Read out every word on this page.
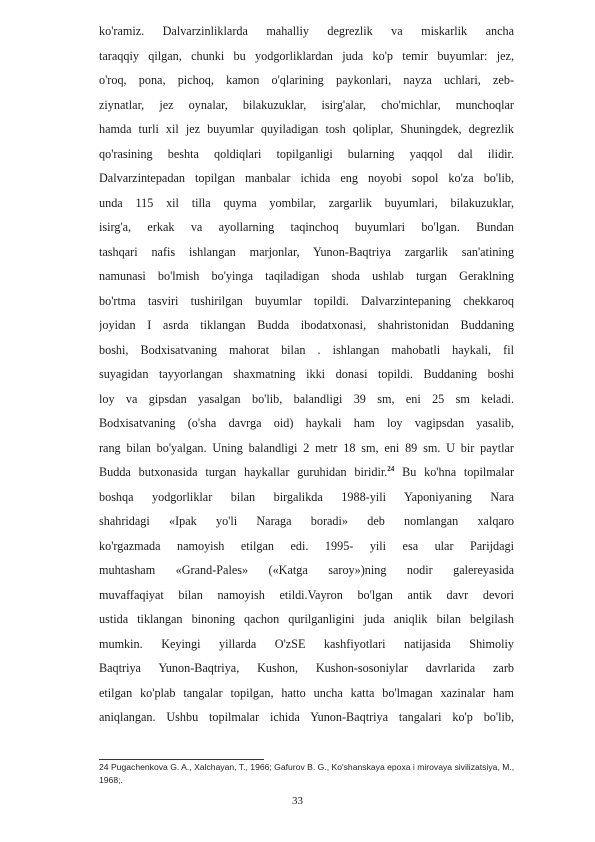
ko'ramiz. Dalvarzinliklarda mahalliy degrezlik va miskarlik ancha
taraqqiy qilgan, chunki bu yodgorliklardan juda ko'p temir buyumlar: jez,
o'roq, pona, pichoq, kamon o'qlarining paykonlari, nayza uchlari, zeb-
ziynatlar, jez oynalar, bilakuzuklar, isirg'alar, cho'michlar, munchoqlar
hamda turli xil jez buyumlar quyiladigan tosh qoliplar, Shuningdek, degrezlik
qo'rasining beshta qoldiqlari topilganligi bularning yaqqol dal ilidir.
Dalvarzintepadan topilgan manbalar ichida eng noyobi sopol ko'za bo'lib,
unda 115 xil tilla quyma yombilar, zargarlik buyumlari, bilakuzuklar,
isirg'a, erkak va ayollarning taqinchoq buyumlari bo'lgan. Bundan
tashqari nafis ishlangan marjonlar, Yunon-Baqtriya zargarlik san'atining
namunasi bo'lmish bo'yinga taqiladigan shoda ushlab turgan Geraklning
bo'rtma tasviri tushirilgan buyumlar topildi. Dalvarzintepaning chekkaroq
joyidan I asrda tiklangan Budda ibodatxonasi, shahristonidan Buddaning
boshi, Bodxisatvaning mahorat bilan . ishlangan mahobatli haykali, fil
suyagidan tayyorlangan shaxmatning ikki donasi topildi. Buddaning boshi
loy va gipsdan yasalgan bo'lib, balandligi 39 sm, eni 25 sm keladi.
Bodxisatvaning (o'sha davrga oid) haykali ham loy vagipsdan yasalib,
rang bilan bo'yalgan. Uning balandligi 2 metr 18 sm, eni 89 sm. U bir paytlar
Budda butxonasida turgan haykallar guruhidan biridir.$^{24}$ Bu ko'hna topilmalar
boshqa yodgorliklar bilan birgalikda 1988-yili Yaponiyaning Nara
shahridagi «Ipak yo'li Naraga boradi» deb nomlangan xalqaro
ko'rgazmada namoyish etilgan edi. 1995- yili esa ular Parijdagi
muhtasham «Grand-Pales» («Katga saroy»)ning nodir galereyasida
muvaffaqiyat bilan namoyish etildi.Vayron bo'lgan antik davr devori
ustida tiklangan binoning qachon qurilganligini juda aniqlik bilan belgilash
mumkin. Keyingi yillarda O'zSE kashfiyotlari natijasida Shimoliy
Baqtriya Yunon-Baqtriya, Kushon, Kushon-sosoniylar davrlarida zarb
etilgan ko'plab tangalar topilgan, hatto uncha katta bo'lmagan xazinalar ham
aniqlangan. Ushbu topilmalar ichida Yunon-Baqtriya tangalari ko'p bo'lib,
24 Pugachenkova G. A., Xalchayan, T., 1966; Gafurov B. G., Ko'shanskaya epoxa i mirovaya sivilizatsiya, M., 1968;.
33
